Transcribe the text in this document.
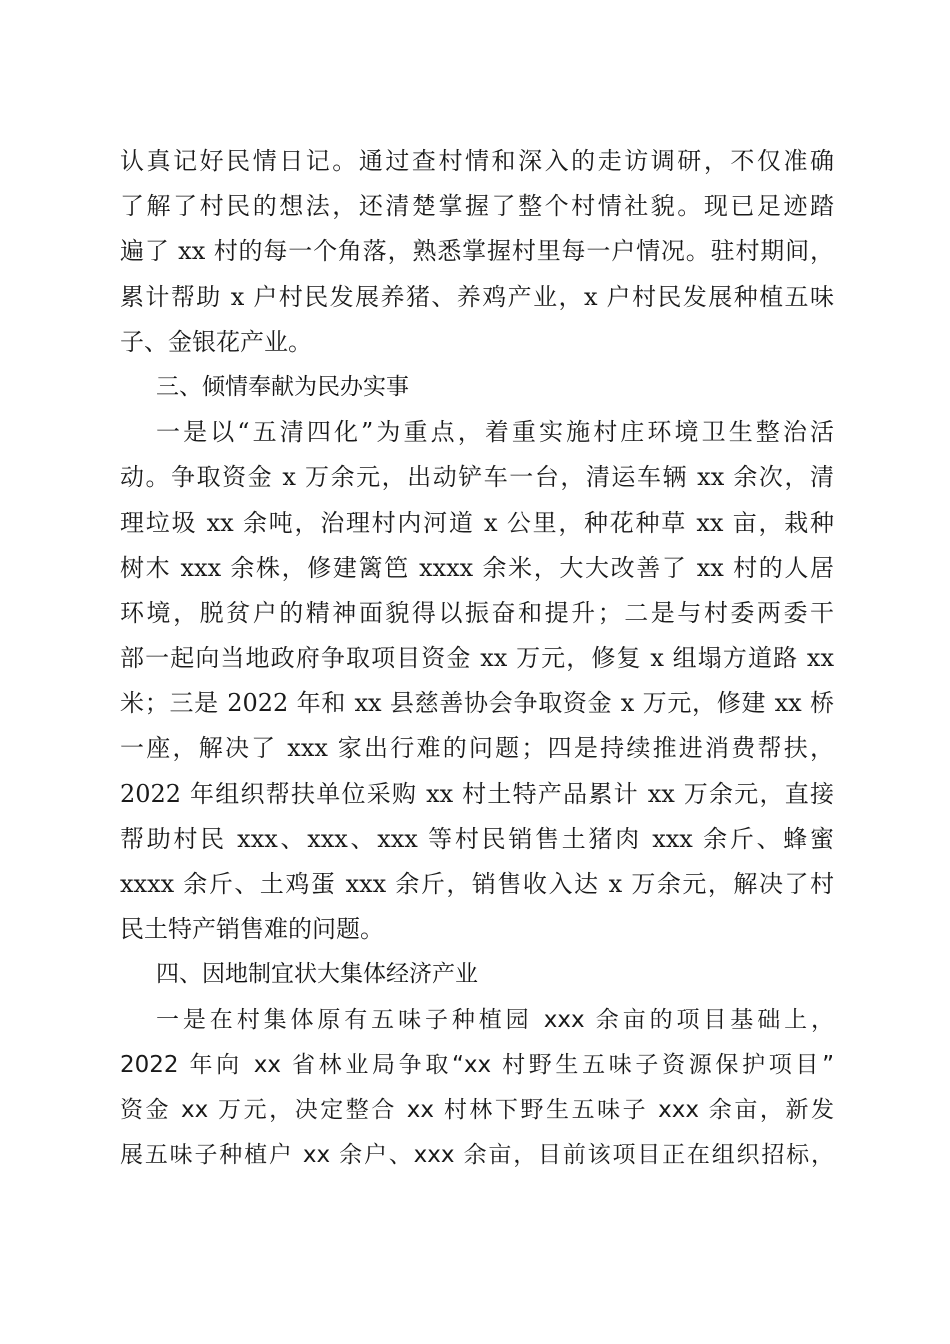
认真记好民情日记。通过查村情和深入的走访调研，不仅准确
了解了村民的想法，还清楚掌握了整个村情社貌。现已足迹踏
遍了 xx 村的每一个角落，熟悉掌握村里每一户情况。驻村期间，
累计帮助 x 户村民发展养猪、养鸡产业，x 户村民发展种植五味
子、金银花产业。
三、倾情奉献为民办实事
一是以“五清四化”为重点，着重实施村庄环境卫生整治活
动。争取资金 x 万余元，出动铲车一台，清运车辆 xx 余次，清
理垃圾 xx 余吨，治理村内河道 x 公里，种花种草 xx 亩，栽种
树木 xxx 余株，修建篱笆 xxxx 余米，大大改善了 xx 村的人居
环境，脱贫户的精神面貌得以振奋和提升；二是与村委两委干
部一起向当地政府争取项目资金 xx 万元，修复 x 组塌方道路 xx
米；三是 2022 年和 xx 县慈善协会争取资金 x 万元，修建 xx 桥
一座，解决了 xxx 家出行难的问题；四是持续推进消费帮扶，
2022 年组织帮扶单位采购 xx 村土特产品累计 xx 万余元，直接
帮助村民 xxx、xxx、xxx 等村民销售土猪肉 xxx 余斤、蜂蜜
xxxx 余斤、土鸡蛋 xxx 余斤，销售收入达 x 万余元，解决了村
民土特产销售难的问题。
四、因地制宜状大集体经济产业
一是在村集体原有五味子种植园 xxx 余亩的项目基础上，
2022 年向 xx 省林业局争取“xx 村野生五味子资源保护项目”
资金 xx 万元，决定整合 xx 村林下野生五味子 xxx 余亩，新发
展五味子种植户 xx 余户、xxx 余亩，目前该项目正在组织招标，
